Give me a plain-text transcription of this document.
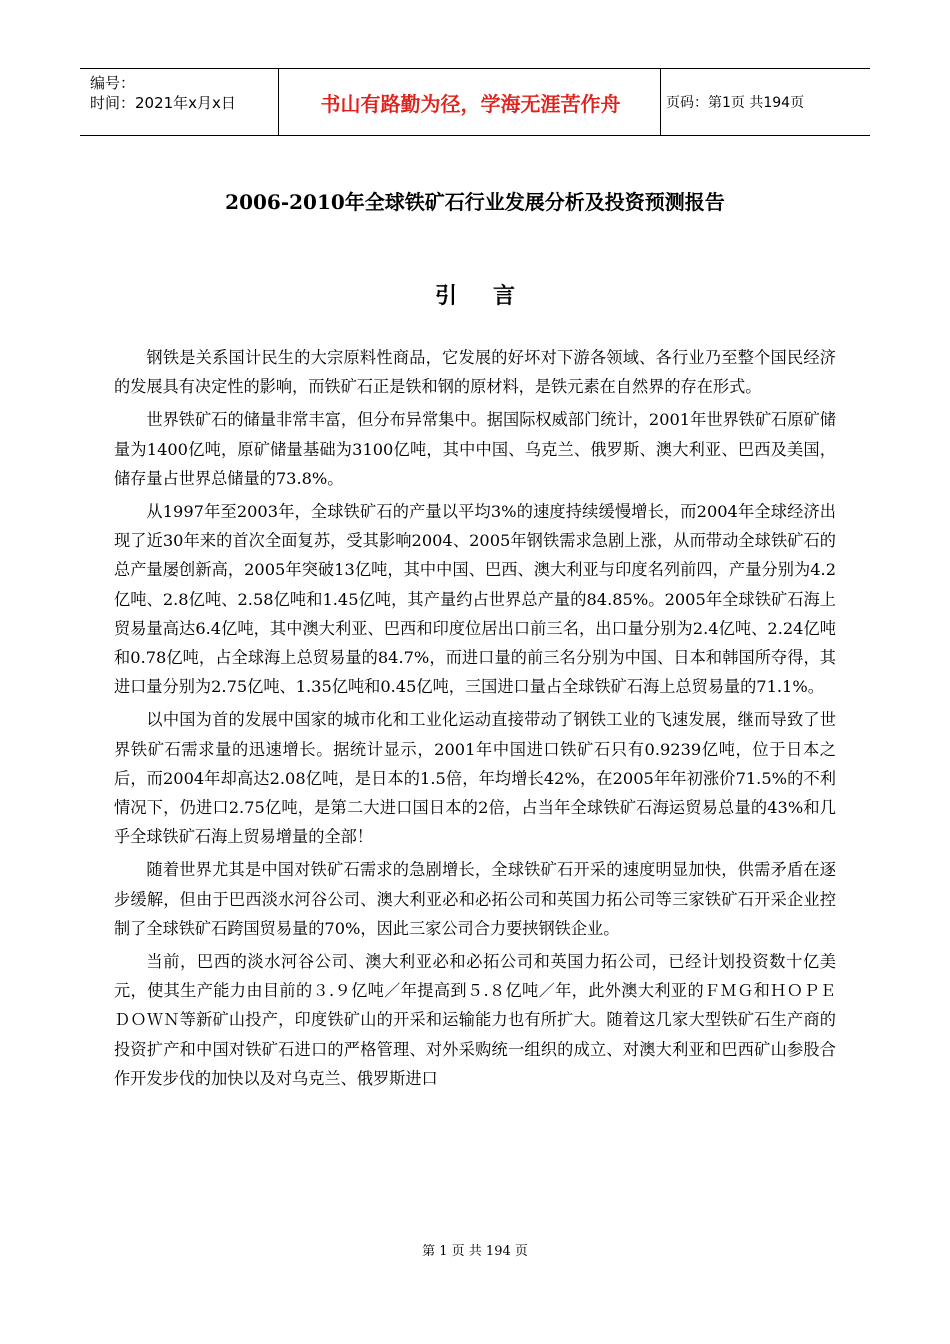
编号：
时间：2021年x月x日	书山有路勤为径，学海无涯苦作舟	页码：第1页 共194页
2006-2010年全球铁矿石行业发展分析及投资预测报告
引言

钢铁是关系国计民生的大宗原料性商品，它发展的好坏对下游各领域、各行业乃至整个国民经济的发展具有决定性的影响，而铁矿石正是铁和钢的原材料，是铁元素在自然界的存在形式。

世界铁矿石的储量非常丰富，但分布异常集中。据国际权威部门统计，2001年世界铁矿石原矿储量为1400亿吨，原矿储量基础为3100亿吨，其中中国、乌克兰、俄罗斯、澳大利亚、巴西及美国，储存量占世界总储量的73.8%。

从1997年至2003年，全球铁矿石的产量以平均3%的速度持续缓慢增长，而2004年全球经济出现了近30年来的首次全面复苏，受其影响2004、2005年钢铁需求急剧上涨，从而带动全球铁矿石的总产量屡创新高，2005年突破13亿吨，其中中国、巴西、澳大利亚与印度名列前四，产量分别为4.2亿吨、2.8亿吨、2.58亿吨和1.45亿吨，其产量约占世界总产量的84.85%。2005年全球铁矿石海上贸易量高达6.4亿吨，其中澳大利亚、巴西和印度位居出口前三名，出口量分别为2.4亿吨、2.24亿吨和0.78亿吨，占全球海上总贸易量的84.7%，而进口量的前三名分别为中国、日本和韩国所夺得，其进口量分别为2.75亿吨、1.35亿吨和0.45亿吨，三国进口量占全球铁矿石海上总贸易量的71.1%。

以中国为首的发展中国家的城市化和工业化运动直接带动了钢铁工业的飞速发展，继而导致了世界铁矿石需求量的迅速增长。据统计显示，2001年中国进口铁矿石只有0.9239亿吨，位于日本之后，而2004年却高达2.08亿吨，是日本的1.5倍，年均增长42%，在2005年年初涨价71.5%的不利情况下，仍进口2.75亿吨，是第二大进口国日本的2倍，占当年全球铁矿石海运贸易总量的43%和几乎全球铁矿石海上贸易增量的全部！

随着世界尤其是中国对铁矿石需求的急剧增长，全球铁矿石开采的速度明显加快，供需矛盾在逐步缓解，但由于巴西淡水河谷公司、澳大利亚必和必拓公司和英国力拓公司等三家铁矿石开采企业控制了全球铁矿石跨国贸易量的70%，因此三家公司合力要挟钢铁企业。

当前，巴西的淡水河谷公司、澳大利亚必和必拓公司和英国力拓公司，已经计划投资数十亿美元，使其生产能力由目前的３.９亿吨／年提高到５.８亿吨／年，此外澳大利亚的ＦＭＧ和ＨＯＰＥＤＯＷＮ等新矿山投产，印度铁矿山的开采和运输能力也有所扩大。随着这几家大型铁矿石生产商的投资扩产和中国对铁矿石进口的严格管理、对外采购统一组织的成立、对澳大利亚和巴西矿山参股合作开发步伐的加快以及对乌克兰、俄罗斯进口

第 1 页 共 194 页
